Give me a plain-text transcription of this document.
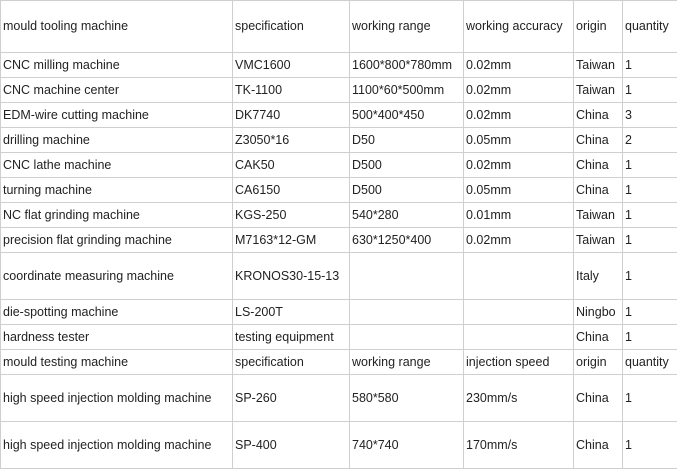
mould tooling machine	specification	working range	working accuracy	origin	quantity
CNC milling machine	VMC1600	1600*800*780mm	0.02mm	Taiwan	1
CNC machine center	TK-1100	1100*60*500mm	0.02mm	Taiwan	1
EDM-wire cutting machine	DK7740	500*400*450	0.02mm	China	3
drilling machine	Z3050*16	D50	0.05mm	China	2
CNC lathe machine	CAK50	D500	0.02mm	China	1
turning machine	CA6150	D500	0.05mm	China	1
NC flat grinding machine	KGS-250	540*280	0.01mm	Taiwan	1
precision flat grinding machine	M7163*12-GM	630*1250*400	0.02mm	Taiwan	1
coordinate measuring machine	KRONOS30-15-13			Italy	1
die-spotting machine	LS-200T			Ningbo	1
hardness tester	testing equipment			China	1
mould testing machine	specification	working range	injection speed	origin	quantity
high speed injection molding machine	SP-260	580*580	230mm/s	China	1
high speed injection molding machine	SP-400	740*740	170mm/s	China	1
